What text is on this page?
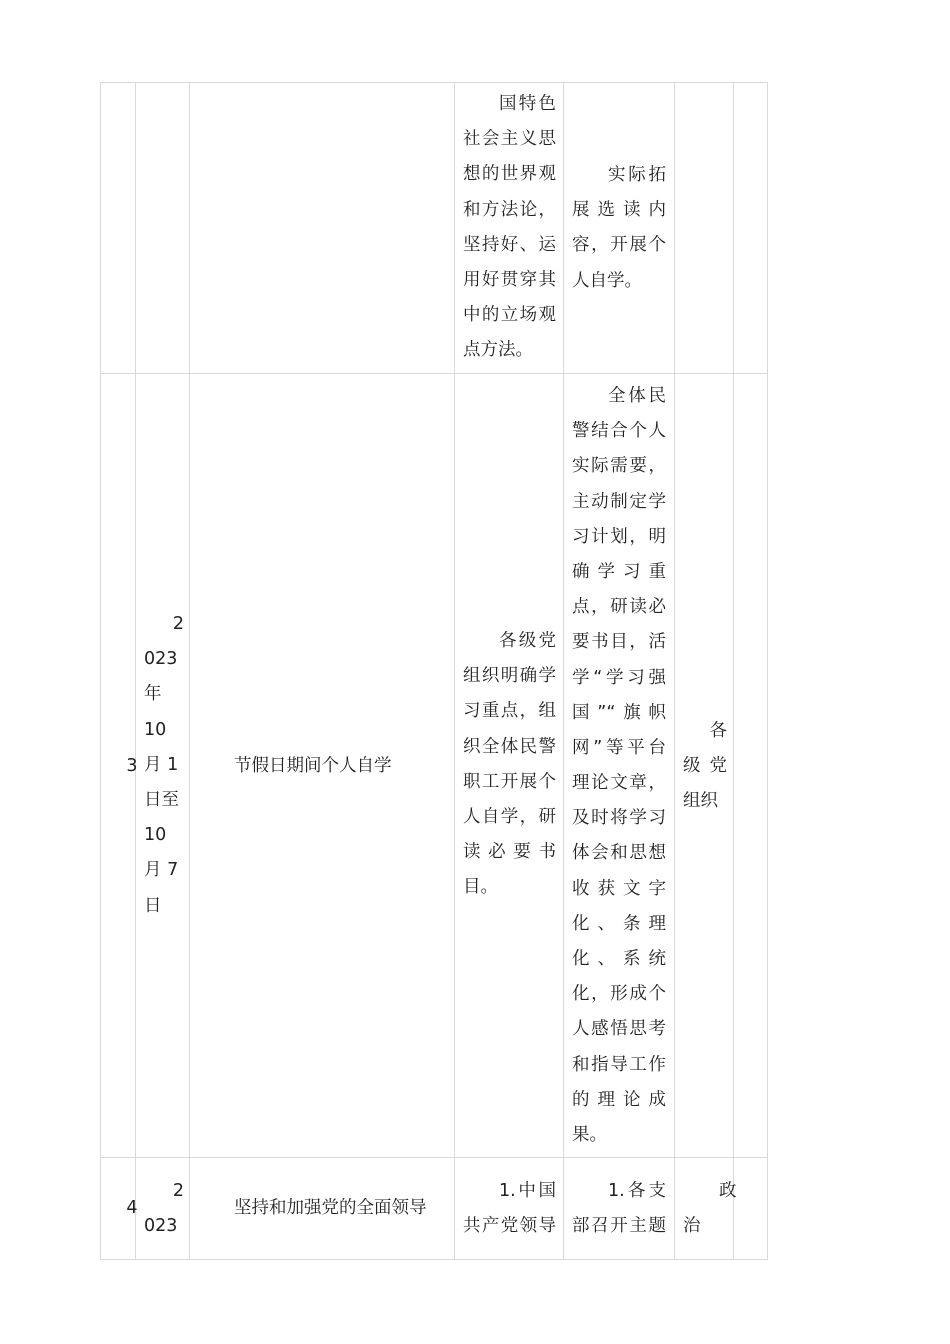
国特色
社会主义思
想的世界观
和方法论，
坚持好、运
用好贯穿其
中的立场观
点方法。
实际拓
展 选 读 内
容，开展个
人自学。
3
2
023
年
10
月 1
日至
10
月 7
日
节假日期间个人自学
各级党
组织明确学
习重点，组
织全体民警
职工开展个
人自学，研
读 必 要 书
目。
全体民
警结合个人
实际需要，
主动制定学
习计划，明
确 学 习 重
点，研读必
要书目，活
学“学习强
国”“旗帜
网”等平台
理论文章，
及时将学习
体会和思想
收 获 文 字
化 、 条 理
化 、 系 统
化，形成个
人感悟思考
和指导工作
的 理 论 成
果。
各
级 党
组织
4
2
023
坚持和加强党的全面领导
1.中国
共产党领导
1.各支
部召开主题
政
治
